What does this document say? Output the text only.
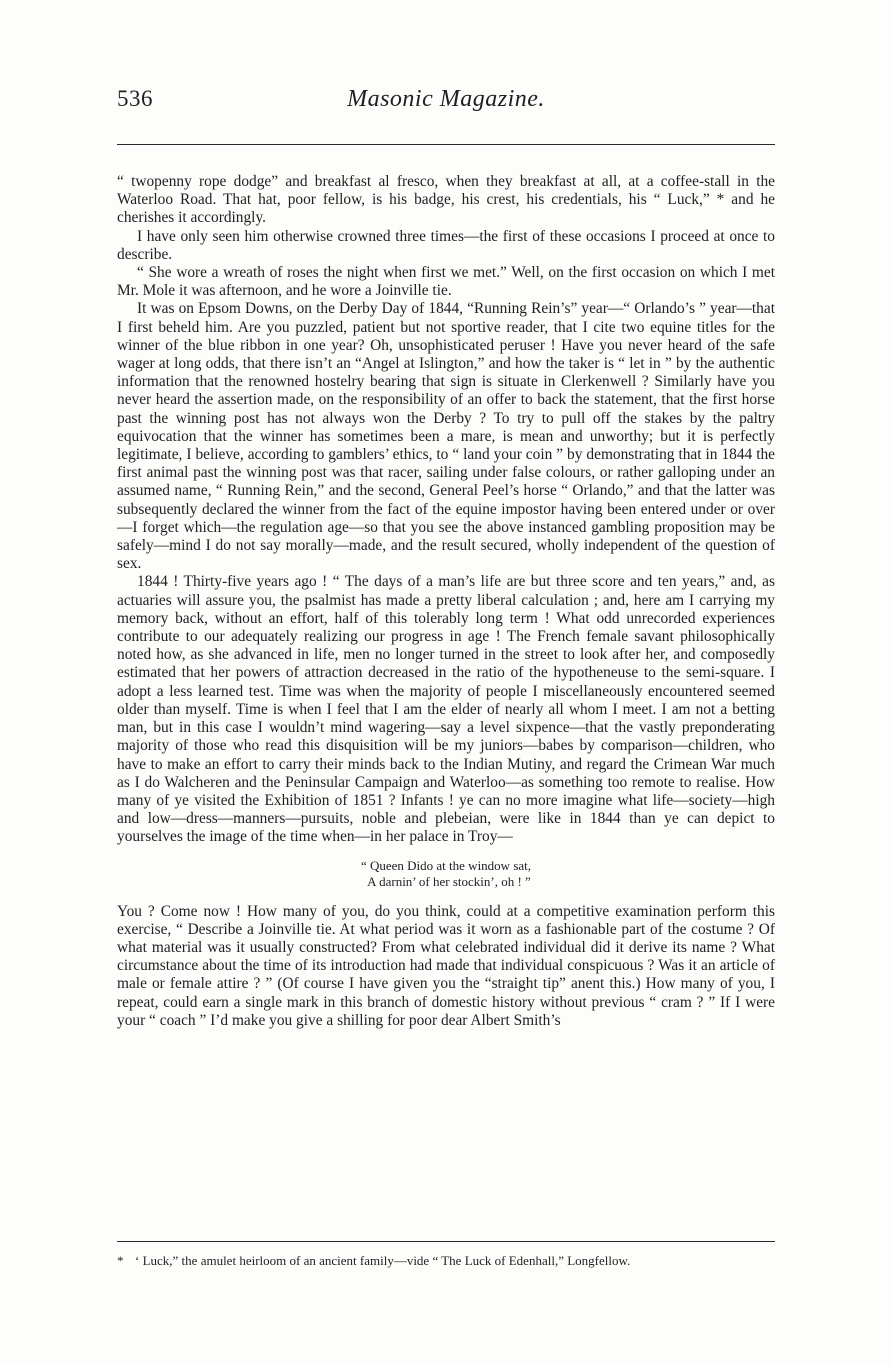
536	Masonic Magazine.

“ twopenny rope dodge” and breakfast al fresco, when they breakfast at all, at a coffee-stall in the Waterloo Road. That hat, poor fellow, is his badge, his crest, his credentials, his “ Luck,” * and he cherishes it accordingly.

I have only seen him otherwise crowned three times—the first of these occasions I proceed at once to describe.

“ She wore a wreath of roses the night when first we met.” Well, on the first occasion on which I met Mr. Mole it was afternoon, and he wore a Joinville tie.

It was on Epsom Downs, on the Derby Day of 1844, “Running Rein’s” year—“ Orlando’s ” year—that I first beheld him. Are you puzzled, patient but not sportive reader, that I cite two equine titles for the winner of the blue ribbon in one year? Oh, unsophisticated peruser ! Have you never heard of the safe wager at long odds, that there isn’t an “Angel at Islington,” and how the taker is “ let in ” by the authentic information that the renowned hostelry bearing that sign is situate in Clerkenwell ? Similarly have you never heard the assertion made, on the responsibility of an offer to back the statement, that the first horse past the winning post has not always won the Derby ? To try to pull off the stakes by the paltry equivocation that the winner has sometimes been a mare, is mean and unworthy; but it is perfectly legitimate, I believe, according to gamblers’ ethics, to “ land your coin ” by demonstrating that in 1844 the first animal past the winning post was that racer, sailing under false colours, or rather galloping under an assumed name, “ Running Rein,” and the second, General Peel’s horse “ Orlando,” and that the latter was subsequently declared the winner from the fact of the equine impostor having been entered under or over—I forget which—the regulation age—so that you see the above instanced gambling proposition may be safely—mind I do not say morally—made, and the result secured, wholly independent of the question of sex.

1844 ! Thirty-five years ago ! “ The days of a man’s life are but three score and ten years,” and, as actuaries will assure you, the psalmist has made a pretty liberal calculation ; and, here am I carrying my memory back, without an effort, half of this tolerably long term ! What odd unrecorded experiences contribute to our adequately realizing our progress in age ! The French female savant philosophically noted how, as she advanced in life, men no longer turned in the street to look after her, and composedly estimated that her powers of attraction decreased in the ratio of the hypotheneuse to the semi-square. I adopt a less learned test. Time was when the majority of people I miscellaneously encountered seemed older than myself. Time is when I feel that I am the elder of nearly all whom I meet. I am not a betting man, but in this case I wouldn’t mind wagering—say a level sixpence—that the vastly preponderating majority of those who read this disquisition will be my juniors—babes by comparison—children, who have to make an effort to carry their minds back to the Indian Mutiny, and regard the Crimean War much as I do Walcheren and the Peninsular Campaign and Waterloo—as something too remote to realise. How many of ye visited the Exhibition of 1851 ? Infants ! ye can no more imagine what life—society—high and low—dress—manners—pursuits, noble and plebeian, were like in 1844 than ye can depict to yourselves the image of the time when—in her palace in Troy—

“ Queen Dido at the window sat,
A darnin’ of her stockin’, oh ! ”

You ? Come now ! How many of you, do you think, could at a competitive examination perform this exercise, “ Describe a Joinville tie. At what period was it worn as a fashionable part of the costume ? Of what material was it usually constructed? From what celebrated individual did it derive its name ? What circumstance about the time of its introduction had made that individual conspicuous ? Was it an article of male or female attire ? ” (Of course I have given you the “straight tip” anent this.) How many of you, I repeat, could earn a single mark in this branch of domestic history without previous “ cram ? ” If I were your “ coach ” I’d make you give a shilling for poor dear Albert Smith’s

* ‘ Luck,” the amulet heirloom of an ancient family—vide “ The Luck of Edenhall,” Longfellow.
